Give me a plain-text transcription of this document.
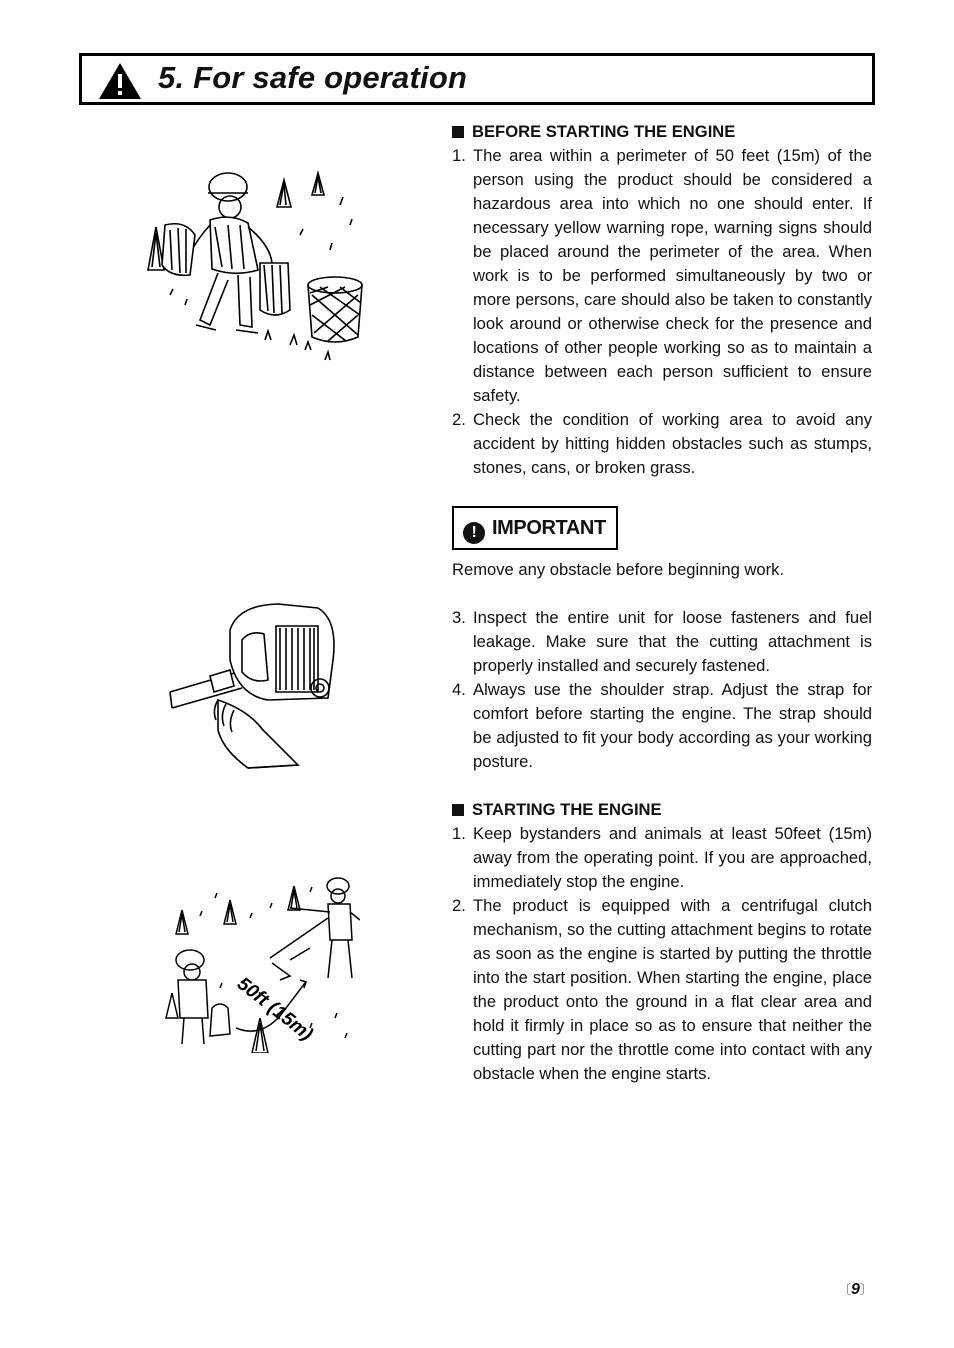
5. For safe operation
50ft (15m)
BEFORE STARTING THE ENGINE
1. The area within a perimeter of 50 feet (15m) of the person using the product should be considered a hazardous area into which no one should enter. If necessary yellow warning rope, warning signs should be placed around the perimeter of the area. When work is to be performed simultaneously by two or more persons, care should also be taken to constantly look around or otherwise check for the presence and locations of other people working so as to maintain a distance between each person sufficient to ensure safety.
2. Check the condition of working area to avoid any accident by hitting hidden obstacles such as stumps, stones, cans, or broken grass.
! IMPORTANT
Remove any obstacle before beginning work.
3. Inspect the entire unit for loose fasteners and fuel leakage. Make sure that the cutting attachment is properly installed and securely fastened.
4. Always use the shoulder strap. Adjust the strap for comfort before starting the engine. The strap should be adjusted to fit your body according as your working posture.
STARTING THE ENGINE
1. Keep bystanders and animals at least 50feet (15m) away from the operating point. If you are approached, immediately stop the engine.
2. The product is equipped with a centrifugal clutch mechanism, so the cutting attachment begins to rotate as soon as the engine is started by putting the throttle into the start position. When starting the engine, place the product onto the ground in a flat clear area and hold it firmly in place so as to ensure that neither the cutting part nor the throttle come into contact with any obstacle when the engine starts.
〔9〕
